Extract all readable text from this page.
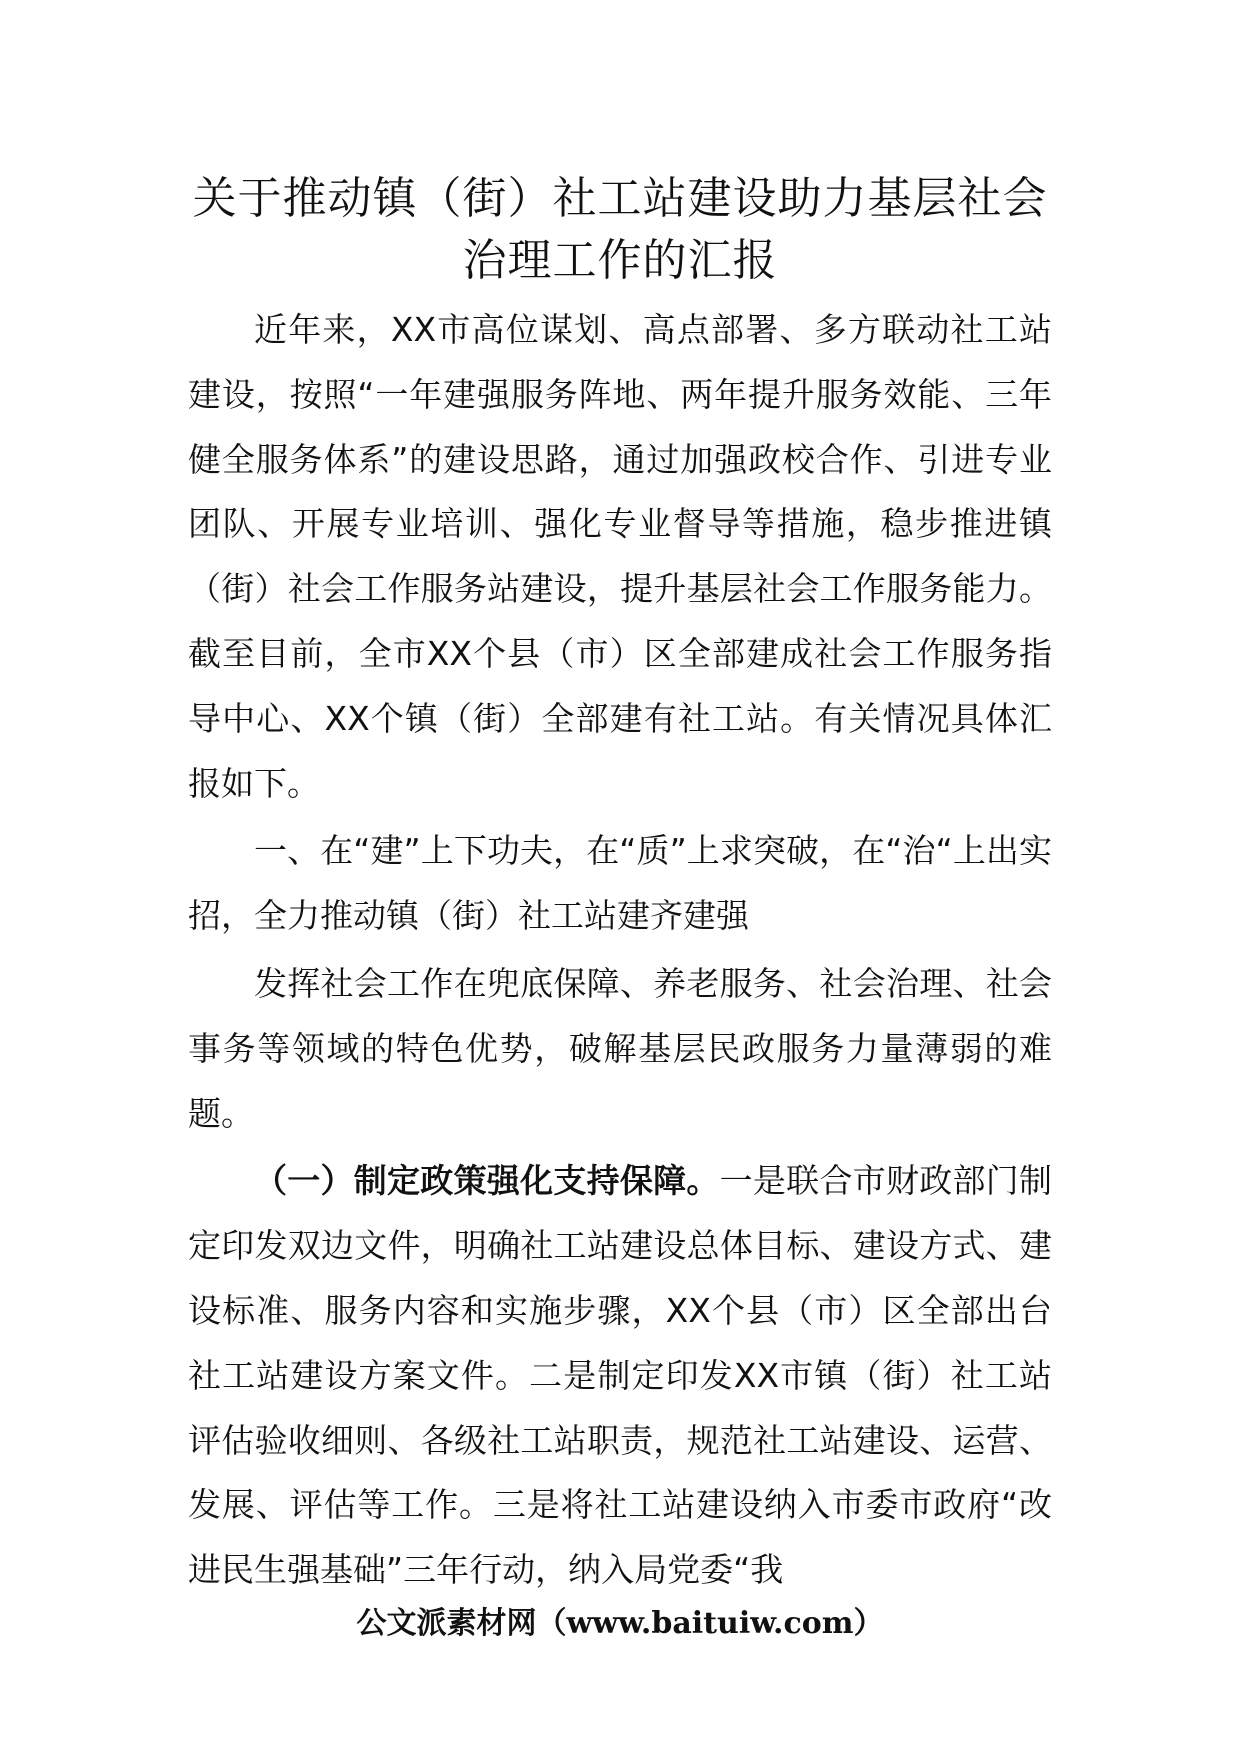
关于推动镇（街）社工站建设助力基层社会治理工作的汇报

近年来，XX市高位谋划、高点部署、多方联动社工站建设，按照“一年建强服务阵地、两年提升服务效能、三年健全服务体系”的建设思路，通过加强政校合作、引进专业团队、开展专业培训、强化专业督导等措施，稳步推进镇（街）社会工作服务站建设，提升基层社会工作服务能力。截至目前，全市XX个县（市）区全部建成社会工作服务指导中心、XX个镇（街）全部建有社工站。有关情况具体汇报如下。

一、在“建”上下功夫，在“质”上求突破，在“治“上出实招，全力推动镇（街）社工站建齐建强

发挥社会工作在兜底保障、养老服务、社会治理、社会事务等领域的特色优势，破解基层民政服务力量薄弱的难题。

（一）制定政策强化支持保障。一是联合市财政部门制定印发双边文件，明确社工站建设总体目标、建设方式、建设标准、服务内容和实施步骤，XX个县（市）区全部出台社工站建设方案文件。二是制定印发XX市镇（街）社工站评估验收细则、各级社工站职责，规范社工站建设、运营、发展、评估等工作。三是将社工站建设纳入市委市政府“改进民生强基础”三年行动，纳入局党委“我

公文派素材网（www.baituiw.com）
